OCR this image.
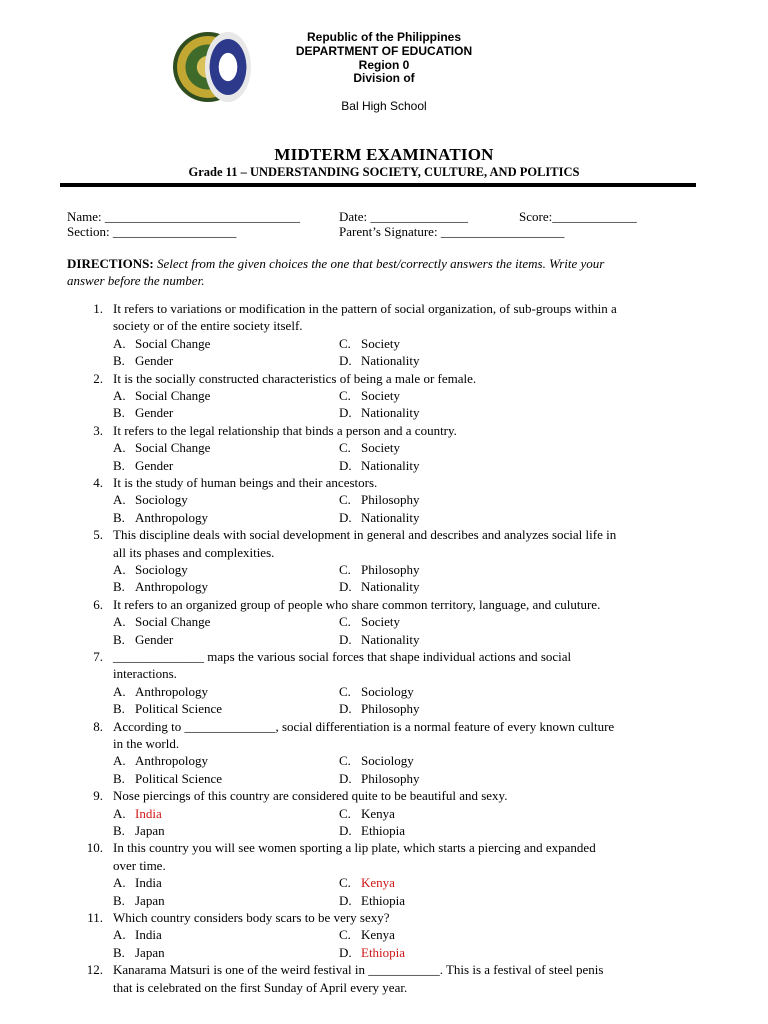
Republic of the Philippines
DEPARTMENT OF EDUCATION
Region 0
Division of
Bal High School
MIDTERM EXAMINATION
Grade 11 – UNDERSTANDING SOCIETY, CULTURE, AND POLITICS
Name: ______________________________	Date: _______________	Score:_____________
Section: ___________________	Parent’s Signature: ___________________
DIRECTIONS: Select from the given choices the one that best/correctly answers the items. Write your
answer before the number.
1. It refers to variations or modification in the pattern of social organization, of sub-groups within a
society or of the entire society itself.
A. Social Change	C. Society
B. Gender	D. Nationality
2. It is the socially constructed characteristics of being a male or female.
A. Social Change	C. Society
B. Gender	D. Nationality
3. It refers to the legal relationship that binds a person and a country.
A. Social Change	C. Society
B. Gender	D. Nationality
4. It is the study of human beings and their ancestors.
A. Sociology	C. Philosophy
B. Anthropology	D. Nationality
5. This discipline deals with social development in general and describes and analyzes social life in
all its phases and complexities.
A. Sociology	C. Philosophy
B. Anthropology	D. Nationality
6. It refers to an organized group of people who share common territory, language, and culuture.
A. Social Change	C. Society
B. Gender	D. Nationality
7. ______________ maps the various social forces that shape individual actions and social
interactions.
A. Anthropology	C. Sociology
B. Political Science	D. Philosophy
8. According to ______________, social differentiation is a normal feature of every known culture
in the world.
A. Anthropology	C. Sociology
B. Political Science	D. Philosophy
9. Nose piercings of this country are considered quite to be beautiful and sexy.
A. India	C. Kenya
B. Japan	D. Ethiopia
10. In this country you will see women sporting a lip plate, which starts a piercing and expanded
over time.
A. India	C. Kenya
B. Japan	D. Ethiopia
11. Which country considers body scars to be very sexy?
A. India	C. Kenya
B. Japan	D. Ethiopia
12. Kanarama Matsuri is one of the weird festival in ___________. This is a festival of steel penis
that is celebrated on the first Sunday of April every year.
